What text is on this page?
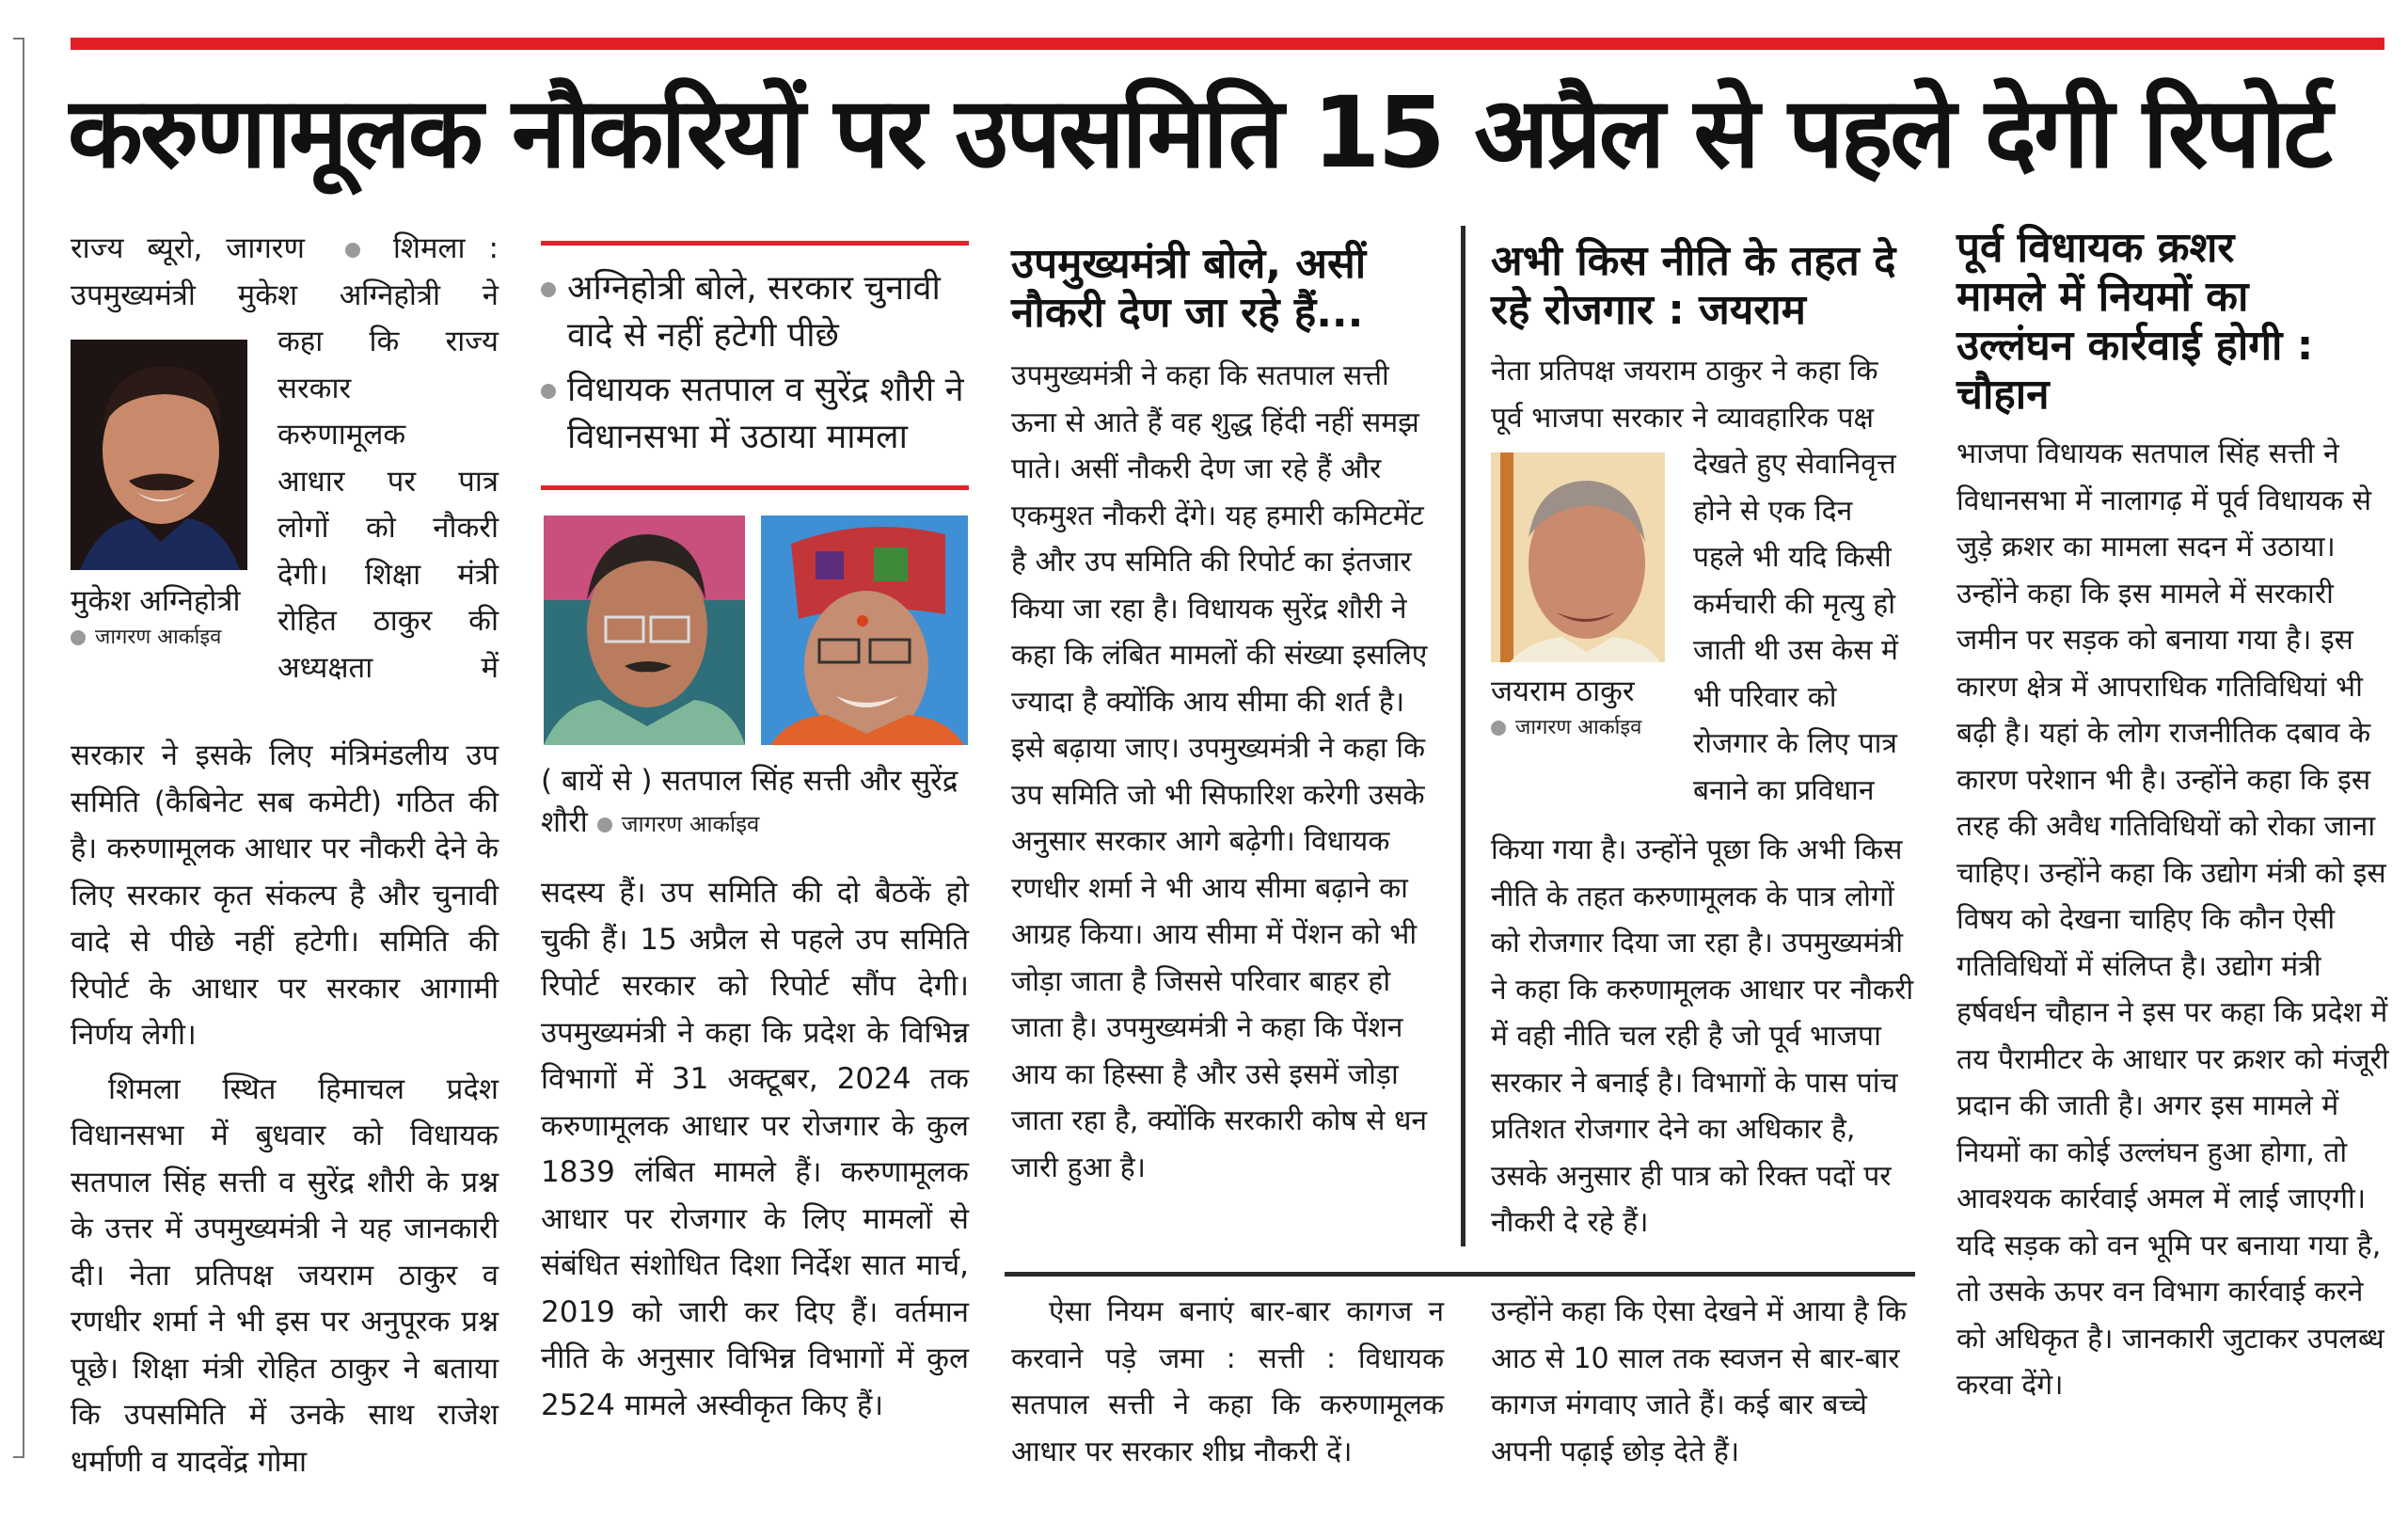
करुणामूलक नौकरियों पर उपसमिति 15 अप्रैल से पहले देगी रिपोर्ट

राज्य ब्यूरो, जागरण	शिमला :

उपमुख्यमंत्री मुकेश अग्निहोत्री ने

मुकेश अग्निहोत्री
जागरण आर्काइव

कहा कि राज्य

सरकार

करुणामूलक

आधार पर पात्र

लोगों को नौकरी

देगी। शिक्षा मंत्री

रोहित ठाकुर की

अध्यक्षता में

सरकार ने इसके लिए मंत्रिमंडलीय उप समिति (कैबिनेट सब कमेटी) गठित की है। करुणामूलक आधार पर नौकरी देने के लिए सरकार कृत संकल्प है और चुनावी वादे से पीछे नहीं हटेगी। समिति की रिपोर्ट के आधार पर सरकार आगामी निर्णय लेगी।

शिमला स्थित हिमाचल प्रदेश विधानसभा में बुधवार को विधायक सतपाल सिंह सत्ती व सुरेंद्र शौरी के प्रश्न के उत्तर में उपमुख्यमंत्री ने यह जानकारी दी। नेता प्रतिपक्ष जयराम ठाकुर व रणधीर शर्मा ने भी इस पर अनुपूरक प्रश्न पूछे। शिक्षा मंत्री रोहित ठाकुर ने बताया कि उपसमिति में उनके साथ राजेश धर्माणी व यादवेंद्र गोमा

अग्निहोत्री बोले, सरकार चुनावी वादे से नहीं हटेगी पीछे
विधायक सतपाल व सुरेंद्र शौरी ने विधानसभा में उठाया मामला
( बायें से ) सतपाल सिंह सत्ती और सुरेंद्र शौरी जागरण आर्काइव

सदस्य हैं। उप समिति की दो बैठकें हो चुकी हैं। 15 अप्रैल से पहले उप समिति रिपोर्ट सरकार को रिपोर्ट सौंप देगी। उपमुख्यमंत्री ने कहा कि प्रदेश के विभिन्न विभागों में 31 अक्टूबर, 2024 तक करुणामूलक आधार पर रोजगार के कुल 1839 लंबित मामले हैं। करुणामूलक आधार पर रोजगार के लिए मामलों से संबंधित संशोधित दिशा निर्देश सात मार्च, 2019 को जारी कर दिए हैं। वर्तमान नीति के अनुसार विभिन्न विभागों में कुल 2524 मामले अस्वीकृत किए हैं।

उपमुख्यमंत्री बोले, असीं नौकरी देण जा रहे हैं...

उपमुख्यमंत्री ने कहा कि सतपाल सत्ती ऊना से आते हैं वह शुद्ध हिंदी नहीं समझ पाते। असीं नौकरी देण जा रहे हैं और एकमुश्त नौकरी देंगे। यह हमारी कमिटमेंट है और उप समिति की रिपोर्ट का इंतजार किया जा रहा है। विधायक सुरेंद्र शौरी ने कहा कि लंबित मामलों की संख्या इसलिए ज्यादा है क्योंकि आय सीमा की शर्त है। इसे बढ़ाया जाए। उपमुख्यमंत्री ने कहा कि उप समिति जो भी सिफारिश करेगी उसके अनुसार सरकार आगे बढ़ेगी। विधायक रणधीर शर्मा ने भी आय सीमा बढ़ाने का आग्रह किया। आय सीमा में पेंशन को भी जोड़ा जाता है जिससे परिवार बाहर हो जाता है। उपमुख्यमंत्री ने कहा कि पेंशन आय का हिस्सा है और उसे इसमें जोड़ा जाता रहा है, क्योंकि सरकारी कोष से धन जारी हुआ है।

अभी किस नीति के तहत दे रहे रोजगार : जयराम

नेता प्रतिपक्ष जयराम ठाकुर ने कहा कि पूर्व भाजपा सरकार ने व्यावहारिक पक्ष

जयराम ठाकुर
जागरण आर्काइव

देखते हुए सेवानिवृत्त

होने से एक दिन

पहले भी यदि किसी

कर्मचारी की मृत्यु हो

जाती थी उस केस में

भी परिवार को

रोजगार के लिए पात्र

बनाने का प्रविधान

किया गया है। उन्होंने पूछा कि अभी किस नीति के तहत करुणामूलक के पात्र लोगों को रोजगार दिया जा रहा है। उपमुख्यमंत्री ने कहा कि करुणामूलक आधार पर नौकरी में वही नीति चल रही है जो पूर्व भाजपा सरकार ने बनाई है। विभागों के पास पांच प्रतिशत रोजगार देने का अधिकार है, उसके अनुसार ही पात्र को रिक्त पदों पर नौकरी दे रहे हैं।

ऐसा नियम बनाएं बार-बार कागज न करवाने पड़े जमा : सत्ती : विधायक सतपाल सत्ती ने कहा कि करुणामूलक आधार पर सरकार शीघ्र नौकरी दें।

उन्होंने कहा कि ऐसा देखने में आया है कि आठ से 10 साल तक स्वजन से बार-बार कागज मंगवाए जाते हैं। कई बार बच्चे अपनी पढ़ाई छोड़ देते हैं।

पूर्व विधायक क्रशर मामले में नियमों का उल्लंघन कार्रवाई होगी : चौहान

भाजपा विधायक सतपाल सिंह सत्ती ने विधानसभा में नालागढ़ में पूर्व विधायक से जुड़े क्रशर का मामला सदन में उठाया। उन्होंने कहा कि इस मामले में सरकारी जमीन पर सड़क को बनाया गया है। इस कारण क्षेत्र में आपराधिक गतिविधियां भी बढ़ी है। यहां के लोग राजनीतिक दबाव के कारण परेशान भी है। उन्होंने कहा कि इस तरह की अवैध गतिविधियों को रोका जाना चाहिए। उन्होंने कहा कि उद्योग मंत्री को इस विषय को देखना चाहिए कि कौन ऐसी गतिविधियों में संलिप्त है। उद्योग मंत्री हर्षवर्धन चौहान ने इस पर कहा कि प्रदेश में तय पैरामीटर के आधार पर क्रशर को मंजूरी प्रदान की जाती है। अगर इस मामले में नियमों का कोई उल्लंघन हुआ होगा, तो आवश्यक कार्रवाई अमल में लाई जाएगी। यदि सड़क को वन भूमि पर बनाया गया है, तो उसके ऊपर वन विभाग कार्रवाई करने को अधिकृत है। जानकारी जुटाकर उपलब्ध करवा देंगे।
